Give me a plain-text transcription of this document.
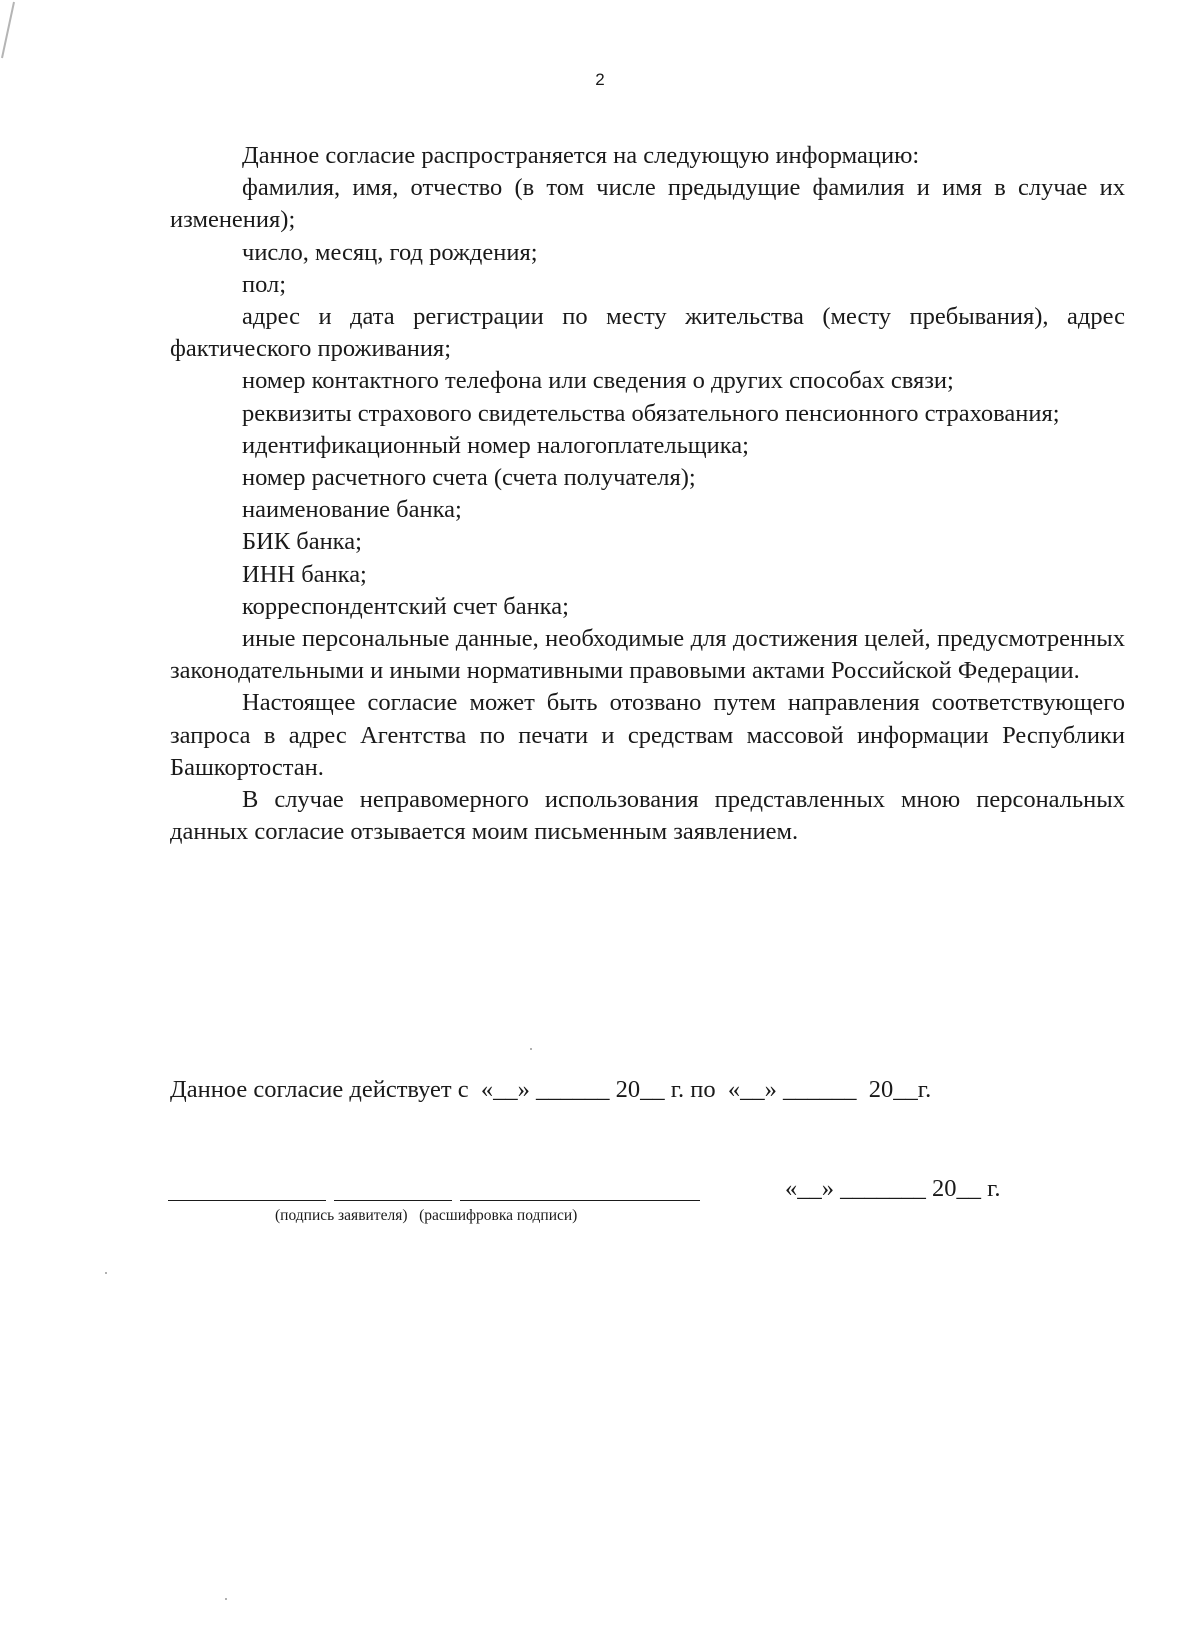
2

Данное согласие распространяется на следующую информацию:

фамилия, имя, отчество (в том числе предыдущие фамилия и имя в случае их изменения);

число, месяц, год рождения;

пол;

адрес и дата регистрации по месту жительства (месту пребывания), адрес фактического проживания;

номер контактного телефона или сведения о других способах связи;

реквизиты страхового свидетельства обязательного пенсионного страхования;

идентификационный номер налогоплательщика;

номер расчетного счета (счета получателя);

наименование банка;

БИК банка;

ИНН банка;

корреспондентский счет банка;

иные персональные данные, необходимые для достижения целей, предусмотренных законодательными и иными нормативными правовыми актами Российской Федерации.

Настоящее согласие может быть отозвано путем направления соответствующего запроса в адрес Агентства по печати и средствам массовой информации Республики Башкортостан.

В случае неправомерного использования представленных мною персональных данных согласие отзывается моим письменным заявлением.

Данное согласие действует с  «__» ______ 20__ г. по  «__» ______  20__г.
(подпись заявителя)   (расшифровка подписи)
«__» _______ 20__ г.
